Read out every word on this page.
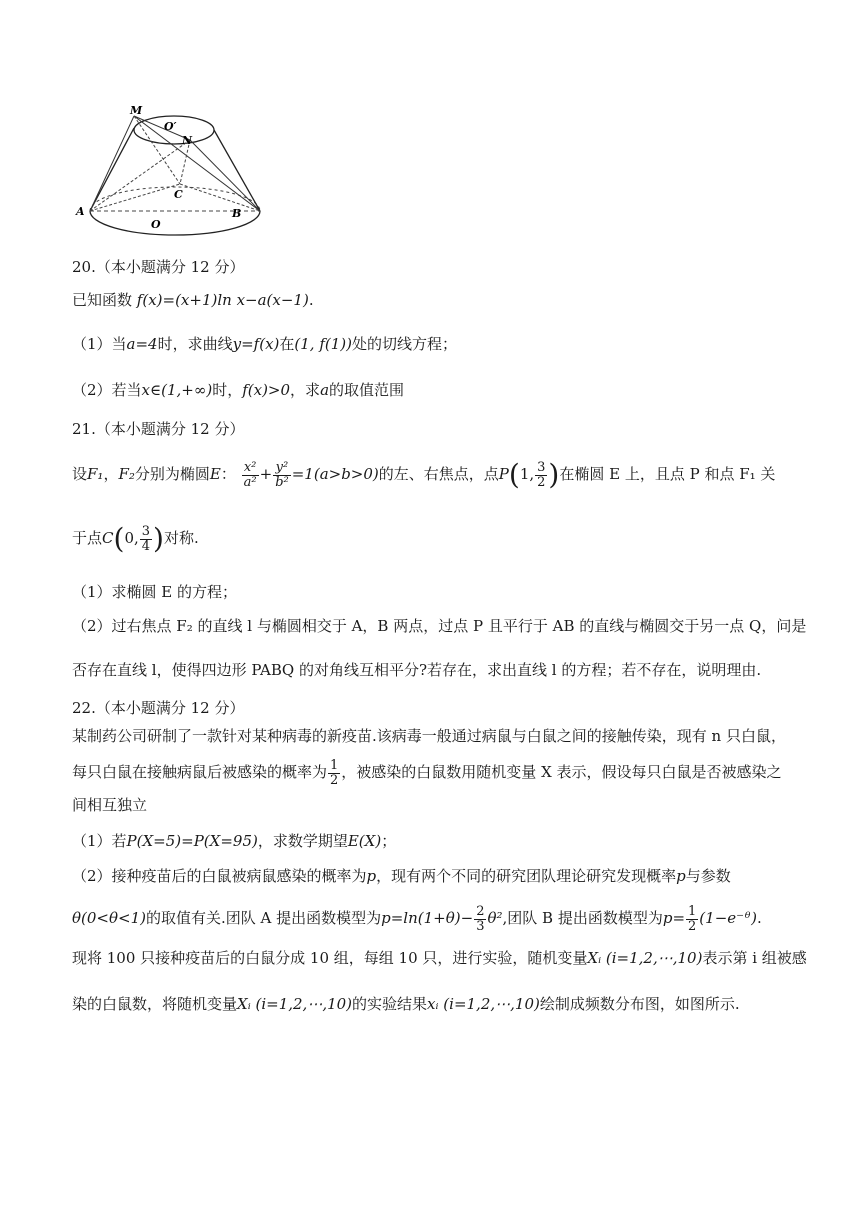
M
O′
N
C
A	B
O
20.（本小题满分 12 分）
已知函数 f(x)=(x+1)ln x−a(x−1).
（1）当a=4时，求曲线y=f(x)在(1, f(1))处的切线方程；
（2）若当x∈(1,+∞)时，f(x)>0，求a的取值范围
21.（本小题满分 12 分）
设F₁，F₂分别为椭圆E： $\frac{\text{x²}}{\text{a²}} + \frac{\text{y²}}{\text{b²}} =1(a>b>0)$的左、右焦点，点P(1, $\frac{3}{2}$ )在椭圆 E 上，且点 P 和点 F₁ 关
于点C(0, $\frac{3}{4}$ )对称.
（1）求椭圆 E 的方程；
（2）过右焦点 F₂ 的直线 l 与椭圆相交于 A，B 两点，过点 P 且平行于 AB 的直线与椭圆交于另一点 Q，问是
否存在直线 l，使得四边形 PABQ 的对角线互相平分?若存在，求出直线 l 的方程；若不存在，说明理由.
22.（本小题满分 12 分）
某制药公司研制了一款针对某种病毒的新疫苗.该病毒一般通过病鼠与白鼠之间的接触传染，现有 n 只白鼠，
每只白鼠在接触病鼠后被感染的概率为 $\frac{1}{2}$ ，被感染的白鼠数用随机变量 X 表示，假设每只白鼠是否被感染之
间相互独立
（1）若P(X=5)=P(X=95)，求数学期望E(X)；
（2）接种疫苗后的白鼠被病鼠感染的概率为p，现有两个不同的研究团队理论研究发现概率p与参数
θ(0<θ<1)的取值有关.团队 A 提出函数模型为$p=\ln(1+\theta)- \frac{2}{3} \theta^2$,团队 B 提出函数模型为$p= \frac{1}{2}$ (1−e⁻ᶿ).
现将 100 只接种疫苗后的白鼠分成 10 组，每组 10 只，进行实验，随机变量Xᵢ (i=1,2,⋯,10)表示第 i 组被感
染的白鼠数，将随机变量Xᵢ (i=1,2,⋯,10)的实验结果xᵢ (i=1,2,⋯,10)绘制成频数分布图，如图所示.
